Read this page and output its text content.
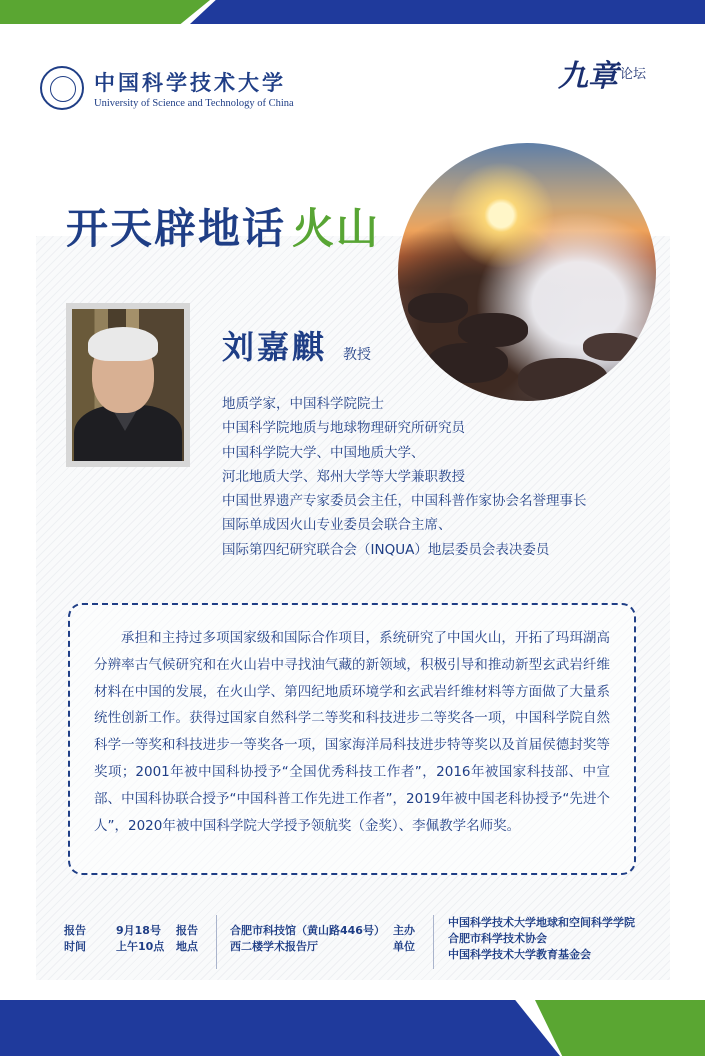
中国科学技术大学
University of Science and Technology of China
九章 论坛
开天辟地话 火山
刘嘉麒 教授
地质学家，中国科学院院士
中国科学院地质与地球物理研究所研究员
中国科学院大学、中国地质大学、
河北地质大学、郑州大学等大学兼职教授
中国世界遗产专家委员会主任，中国科普作家协会名誉理事长
国际单成因火山专业委员会联合主席、
国际第四纪研究联合会（INQUA）地层委员会表决委员

承担和主持过多项国家级和国际合作项目，系统研究了中国火山，开拓了玛珥湖高分辨率古气候研究和在火山岩中寻找油气藏的新领域，积极引导和推动新型玄武岩纤维材料在中国的发展，在火山学、第四纪地质环境学和玄武岩纤维材料等方面做了大量系统性创新工作。获得过国家自然科学二等奖和科技进步二等奖各一项，中国科学院自然科学一等奖和科技进步一等奖各一项，国家海洋局科技进步特等奖以及首届侯德封奖等奖项；2001年被中国科协授予“全国优秀科技工作者”，2016年被国家科技部、中宣部、中国科协联合授予“中国科普工作先进工作者”，2019年被中国老科协授予“先进个人”，2020年被中国科学院大学授予领航奖（金奖）、李佩教学名师奖。

报告
时间
9月18号
上午10点
报告
地点
合肥市科技馆（黄山路446号）
西二楼学术报告厅
主办
单位
中国科学技术大学地球和空间科学学院
合肥市科学技术协会
中国科学技术大学教育基金会
